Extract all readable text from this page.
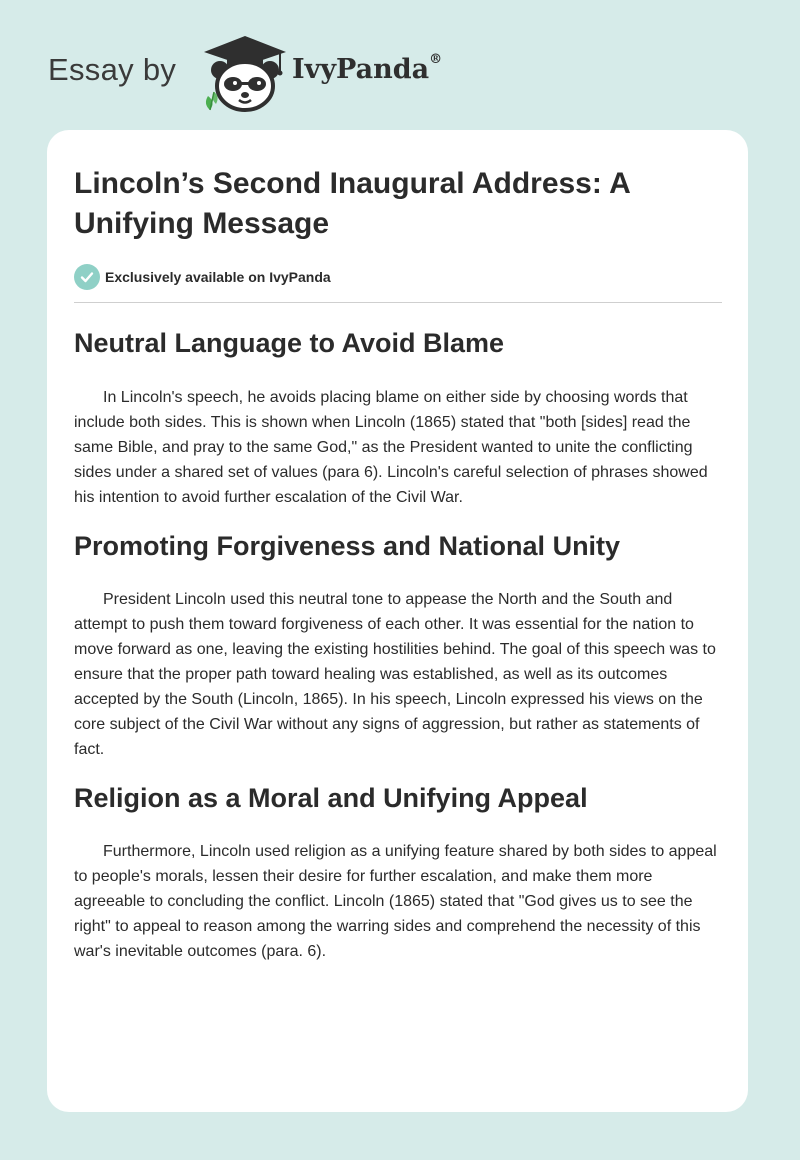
Essay by	IvyPanda®
Lincoln’s Second Inaugural Address: A Unifying Message
Exclusively available on IvyPanda
Neutral Language to Avoid Blame

In Lincoln's speech, he avoids placing blame on either side by choosing words that include both sides. This is shown when Lincoln (1865) stated that "both [sides] read the same Bible, and pray to the same God," as the President wanted to unite the conflicting sides under a shared set of values (para 6). Lincoln's careful selection of phrases showed his intention to avoid further escalation of the Civil War.

Promoting Forgiveness and National Unity

President Lincoln used this neutral tone to appease the North and the South and attempt to push them toward forgiveness of each other. It was essential for the nation to move forward as one, leaving the existing hostilities behind. The goal of this speech was to ensure that the proper path toward healing was established, as well as its outcomes accepted by the South (Lincoln, 1865). In his speech, Lincoln expressed his views on the core subject of the Civil War without any signs of aggression, but rather as statements of fact.

Religion as a Moral and Unifying Appeal

Furthermore, Lincoln used religion as a unifying feature shared by both sides to appeal to people's morals, lessen their desire for further escalation, and make them more agreeable to concluding the conflict. Lincoln (1865) stated that "God gives us to see the right" to appeal to reason among the warring sides and comprehend the necessity of this war's inevitable outcomes (para. 6).
